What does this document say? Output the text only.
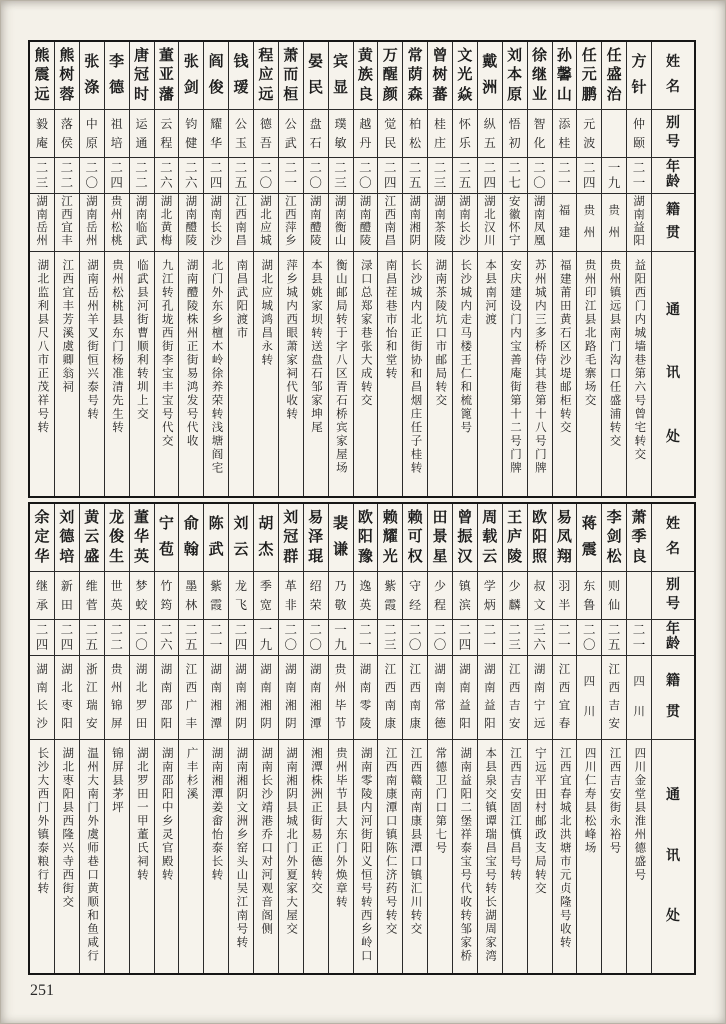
姓
名
别
号
年
龄
籍
贯
通
讯
处
方
针
仲
颐
二
一
湖
南
益
阳
益阳西门内城墙巷第六号曾宅转交
任
盛
治
一
九
贵
州
贵州镇远县南门沟口任盛浦转交
任
元
鹏
元
波
二
四
贵
州
贵州印江县北路毛寨场交
孙
馨
山
添
桂
二
一
福
建
福建莆田黄石区沙堤邮柜转交
徐
继
业
智
化
二
〇
湖
南
凤
凰
苏州城内三多桥侍其巷第十八号门牌
刘
本
原
悟
初
二
七
安
徽
怀
宁
安庆建设门内宝善庵街第十二号门牌
戴
洲
纵
五
二
四
湖
北
汉
川
本县南河渡
文
光
焱
怀
乐
二
五
湖
南
长
沙
长沙城内走马楼王仁和梳篦号
曾
树
蕃
桂
庄
二
三
湖
南
茶
陵
湖南茶陵坑口市邮局转交
常
荫
森
柏
松
二
五
湖
南
湘
阴
长沙城内北正街协和昌烟庄任子桂转
万
醒
颜
觉
民
二
四
江
西
南
昌
南昌茬巷市怡和堂转
黄
族
良
越
丹
二
〇
湖
南
醴
陵
渌口总郑家巷张大成转交
宾
显
璞
敏
二
三
湖
南
衡
山
衡山邮局转于字八区青石桥宾家屋场
晏
民
盘
石
二
〇
湖
南
醴
陵
本县姚家坝转送盘石邹家坤尾
萧
而
桓
公
武
二
一
江
西
萍
乡
萍乡城内西眼萧家祠代收转
程
应
远
德
吾
二
〇
湖
北
应
城
湖北应城鸿昌永转
钱
瑷
公
玉
二
五
江
西
南
昌
南昌武阳渡市
阎
俊
耀
华
二
四
湖
南
长
沙
北门外东乡檀木岭徐养荣转浅塘阎宅
张
剑
钧
健
二
六
湖
南
醴
陵
湖南醴陵株州正街易鸿发号代收
董
亚
藩
云
程
二
六
湖
北
黄
梅
九江转孔垅西街李宝丰宝号代交
唐
冠
时
运
通
二
二
湖
南
临
武
临武县河街曹顺利转圳上交
李
德
祖
培
二
四
贵
州
松
桃
贵州松桃县东门杨准清先生转
张
涤
中
原
二
〇
湖
南
岳
州
湖南岳州羊叉街恒兴泰号转
熊
树
蓉
落
侯
二
二
江
西
宜
丰
江西宜丰芳溪虞卿翁祠
熊
震
远
毅
庵
二
三
湖
南
岳
州
湖北监利县尺八市正茂祥号转
姓
名
别
号
年
龄
籍
贯
通
讯
处
萧
季
良
二
一
四
川
四川金堂县淮州德盛号
李
剑
松
则
仙
二
五
江
西
吉
安
江西吉安街永裕号
蒋
震
东
鲁
二
〇
四
川
四川仁寿县松峰场
易
凤
翔
羽
半
二
一
江
西
宜
春
江西宜春城北洪塘市元贞隆号收转
欧
阳
照
叔
文
三
六
湖
南
宁
远
宁远平田村邮政支局转交
王
庐
陵
少
麟
二
三
江
西
吉
安
江西吉安固江慎昌号转
周
载
云
学
炳
二
一
湖
南
益
阳
本县泉交镇谭瑞昌宝号转长湖周家湾
曾
振
汉
镇
滨
二
四
湖
南
益
阳
湖南益阳二堡祥泰宝号代收转邹家桥
田
景
星
少
程
二
〇
湖
南
常
德
常德卫门口第七号
赖
可
权
守
经
二
〇
江
西
南
康
江西赣南南康县潭口镇汇川转交
赖
耀
光
紫
霞
二
三
江
西
南
康
江西南康潭口镇陈仁济药号转交
欧
阳
豫
逸
英
二
一
湖
南
零
陵
湖南零陵内河街阳义恒号转西乡岭口
裴
谦
乃
敬
一
九
贵
州
毕
节
贵州毕节县大东门外焕章转
易
泽
琨
绍
荣
二
〇
湖
南
湘
潭
湘潭株洲正街易正德转交
刘
冠
群
革
非
二
〇
湖
南
湘
阴
湖南湘阴县城北门外夏家大屋交
胡
杰
季
宽
一
九
湖
南
湘
阴
湖南长沙靖港乔口对河观音阁侧
刘
云
龙
飞
二
四
湖
南
湘
阴
湖南湘阴文洲乡窑头山吴江南号转
陈
武
紫
霞
二
一
湖
南
湘
潭
湖南湘潭姜畲怡泰长转
俞
翰
墨
林
二
五
江
西
广
丰
广丰杉溪
宁
苞
竹
筠
二
六
湖
南
邵
阳
湖南邵阳中乡灵官殿转
董
华
英
梦
蛟
二
〇
湖
北
罗
田
湖北罗田一甲董氏祠转
龙
俊
生
世
英
二
二
贵
州
锦
屏
锦屏县茅坪
黄
云
盛
维
菅
二
五
浙
江
瑞
安
温州大南门外虞师巷口黄顺和鱼咸行
刘
德
培
新
田
二
四
湖
北
枣
阳
湖北枣阳县西隆兴寺西街交
余
定
华
继
承
二
四
湖
南
长
沙
长沙大西门外镇泰粮行转
251
